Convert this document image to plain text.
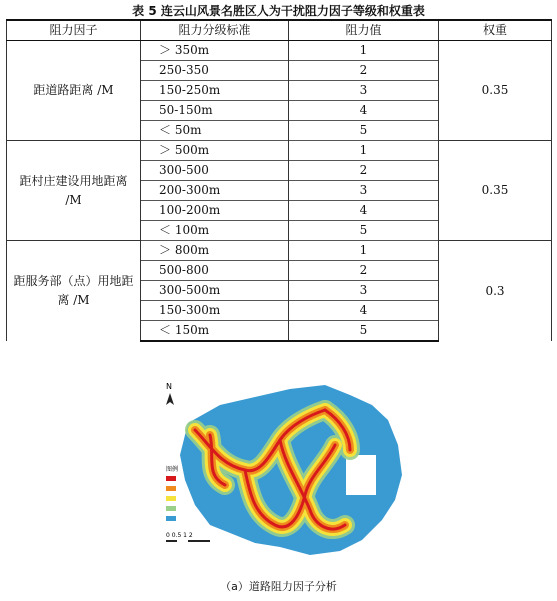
表 5 连云山风景名胜区人为干扰阻力因子等级和权重表
阻力因子	阻力分级标准	阻力值	权重
距道路距离 /M	＞ 350m	1	0.35
	250-350	2	
	150-250m	3	
	50-150m	4	
	＜ 50m	5	
距村庄建设用地距离 /M	＞ 500m	1	0.35
	300-500	2	
	200-300m	3	
	100-200m	4	
	＜ 100m	5	
距服务部（点）用地距离 /M	＞ 800m	1	0.3
	500-800	2	
	300-500m	3	
	150-300m	4	
	＜ 150m	5	
N
图例
0 0.5 1 2
（a）道路阻力因子分析
